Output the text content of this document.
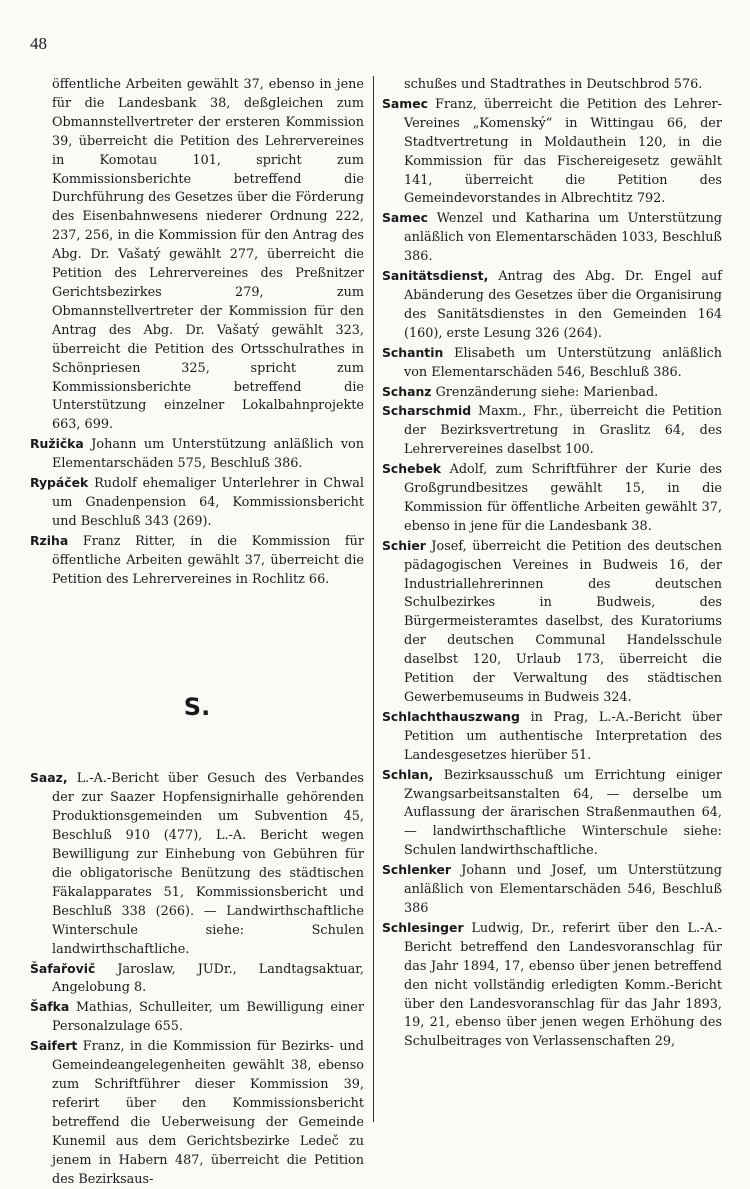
48
öffentliche Arbeiten gewählt 37, ebenso in jene für die Landesbank 38, deßgleichen zum Obmannstellvertreter der ersteren Kommission 39, überreicht die Petition des Lehrervereines in Komotau 101, spricht zum Kommissionsberichte betreffend die Durchführung des Gesetzes über die Förderung des Eisenbahnwesens niederer Ordnung 222, 237, 256, in die Kommission für den Antrag des Abg. Dr. Vašatý gewählt 277, überreicht die Petition des Lehrervereines des Preßnitzer Gerichtsbezirkes 279, zum Obmannstellvertreter der Kommission für den Antrag des Abg. Dr. Vašatý gewählt 323, überreicht die Petition des Ortsschulrathes in Schönpriesen 325, spricht zum Kommissionsberichte betreffend die Unterstützung einzelner Lokalbahnprojekte 663, 699.
Ružička Johann um Unterstützung anläßlich von Elementarschäden 575, Beschluß 386.
Rypáček Rudolf ehemaliger Unterlehrer in Chwal um Gnadenpension 64, Kommissionsbericht und Beschluß 343 (269).
Rziha Franz Ritter, in die Kommission für öffentliche Arbeiten gewählt 37, überreicht die Petition des Lehrervereines in Rochlitz 66.
S.
Saaz, L.-A.-Bericht über Gesuch des Verbandes der zur Saazer Hopfensignirhalle gehörenden Produktionsgemeinden um Subvention 45, Beschluß 910 (477), L.-A. Bericht wegen Bewilligung zur Einhebung von Gebühren für die obligatorische Benützung des städtischen Fäkalapparates 51, Kommissionsbericht und Beschluß 338 (266). — Landwirthschaftliche Winterschule siehe: Schulen landwirthschaftliche.
Šafařovič Jaroslaw, JUDr., Landtagsaktuar, Angelobung 8.
Šafka Mathias, Schulleiter, um Bewilligung einer Personalzulage 655.
Saifert Franz, in die Kommission für Bezirks- und Gemeindeangelegenheiten gewählt 38, ebenso zum Schriftführer dieser Kommission 39, referirt über den Kommissionsbericht betreffend die Ueberweisung der Gemeinde Kunemil aus dem Gerichtsbezirke Ledeč zu jenem in Habern 487, überreicht die Petition des Bezirksaus-
schußes und Stadtrathes in Deutschbrod 576.
Samec Franz, überreicht die Petition des Lehrer-Vereines „Komenský“ in Wittingau 66, der Stadtvertretung in Moldauthein 120, in die Kommission für das Fischereigesetz gewählt 141, überreicht die Petition des Gemeindevorstandes in Albrechtitz 792.
Samec Wenzel und Katharina um Unterstützung anläßlich von Elementarschäden 1033, Beschluß 386.
Sanitätsdienst, Antrag des Abg. Dr. Engel auf Abänderung des Gesetzes über die Organisirung des Sanitätsdienstes in den Gemeinden 164 (160), erste Lesung 326 (264).
Schantin Elisabeth um Unterstützung anläßlich von Elementarschäden 546, Beschluß 386.
Schanz Grenzänderung siehe: Marienbad.
Scharschmid Maxm., Fhr., überreicht die Petition der Bezirksvertretung in Graslitz 64, des Lehrervereines daselbst 100.
Schebek Adolf, zum Schriftführer der Kurie des Großgrundbesitzes gewählt 15, in die Kommission für öffentliche Arbeiten gewählt 37, ebenso in jene für die Landesbank 38.
Schier Josef, überreicht die Petition des deutschen pädagogischen Vereines in Budweis 16, der Industriallehrerinnen des deutschen Schulbezirkes in Budweis, des Bürgermeisteramtes daselbst, des Kuratoriums der deutschen Communal Handelsschule daselbst 120, Urlaub 173, überreicht die Petition der Verwaltung des städtischen Gewerbemuseums in Budweis 324.
Schlachthauszwang in Prag, L.-A.-Bericht über Petition um authentische Interpretation des Landesgesetzes hierüber 51.
Schlan, Bezirksausschuß um Errichtung einiger Zwangsarbeitsanstalten 64, — derselbe um Auflassung der ärarischen Straßenmauthen 64, — landwirthschaftliche Winterschule siehe: Schulen landwirthschaftliche.
Schlenker Johann und Josef, um Unterstützung anläßlich von Elementarschäden 546, Beschluß 386
Schlesinger Ludwig, Dr., referirt über den L.-A.-Bericht betreffend den Landesvoranschlag für das Jahr 1894, 17, ebenso über jenen betreffend den nicht vollständig erledigten Komm.-Bericht über den Landesvoranschlag für das Jahr 1893, 19, 21, ebenso über jenen wegen Erhöhung des Schulbeitrages von Verlassenschaften 29,
